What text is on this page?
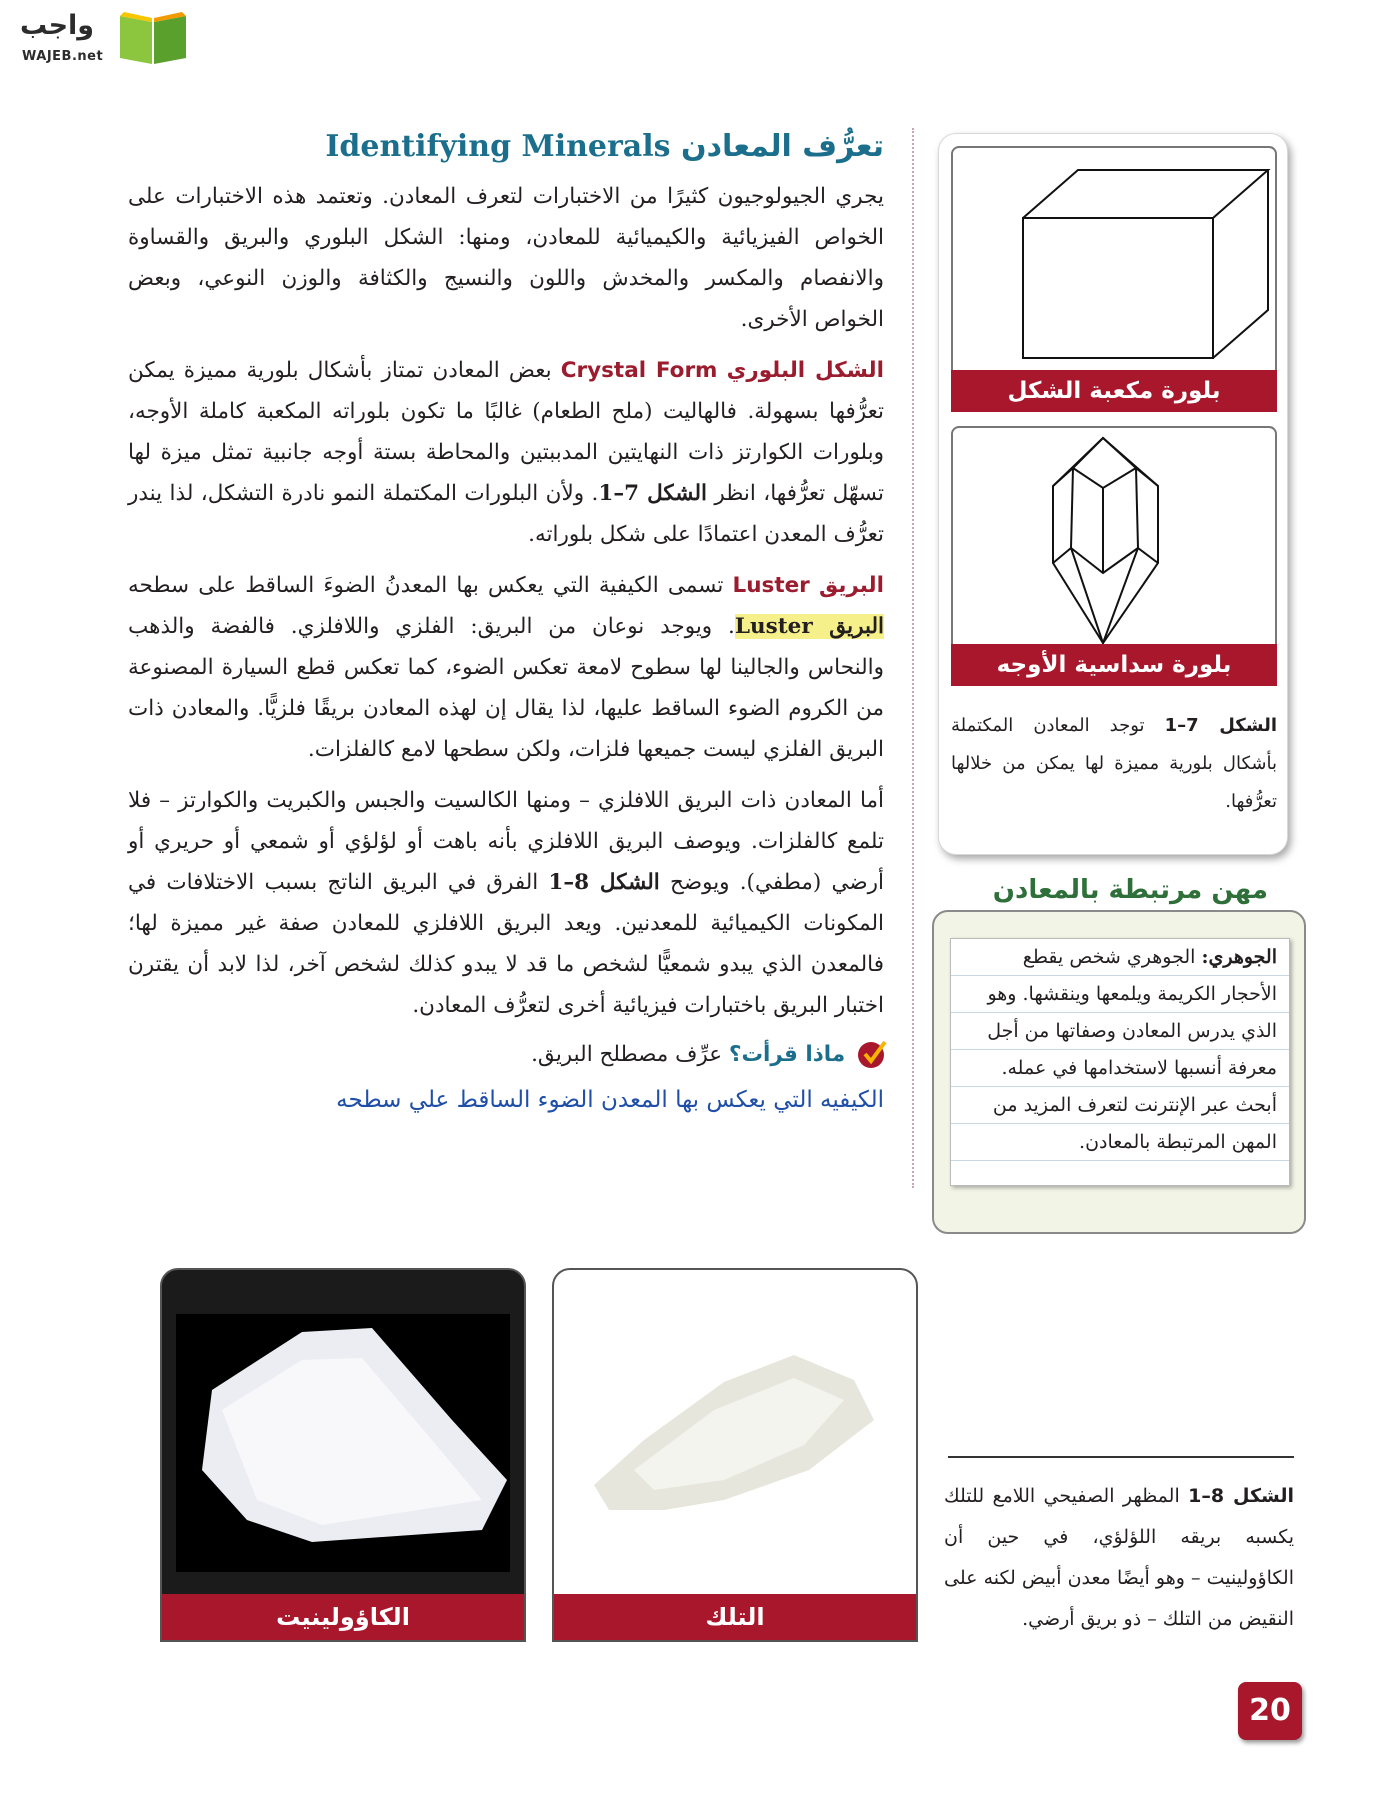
واجب
WAJEB.net
تعرُّف المعادن Identifying Minerals

يجري الجيولوجيون كثيرًا من الاختبارات لتعرف المعادن. وتعتمد هذه الاختبارات على الخواص الفيزيائية والكيميائية للمعادن، ومنها: الشكل البلوري والبريق والقساوة والانفصام والمكسر والمخدش واللون والنسيج والكثافة والوزن النوعي، وبعض الخواص الأخرى.

الشكل البلوري Crystal Form بعض المعادن تمتاز بأشكال بلورية مميزة يمكن تعرُّفها بسهولة. فالهاليت (ملح الطعام) غالبًا ما تكون بلوراته المكعبة كاملة الأوجه، وبلورات الكوارتز ذات النهايتين المدببتين والمحاطة بستة أوجه جانبية تمثل ميزة لها تسهّل تعرُّفها، انظر الشكل 7–1. ولأن البلورات المكتملة النمو نادرة التشكل، لذا يندر تعرُّف المعدن اعتمادًا على شكل بلوراته.

البريق Luster تسمى الكيفية التي يعكس بها المعدنُ الضوءَ الساقط على سطحه البريق Luster. ويوجد نوعان من البريق: الفلزي واللافلزي. فالفضة والذهب والنحاس والجالينا لها سطوح لامعة تعكس الضوء، كما تعكس قطع السيارة المصنوعة من الكروم الضوء الساقط عليها، لذا يقال إن لهذه المعادن بريقًا فلزيًّا. والمعادن ذات البريق الفلزي ليست جميعها فلزات، ولكن سطحها لامع كالفلزات.

أما المعادن ذات البريق اللافلزي – ومنها الكالسيت والجبس والكبريت والكوارتز – فلا تلمع كالفلزات. ويوصف البريق اللافلزي بأنه باهت أو لؤلؤي أو شمعي أو حريري أو أرضي (مطفي). ويوضح الشكل 8–1 الفرق في البريق الناتج بسبب الاختلافات في المكونات الكيميائية للمعدنين. ويعد البريق اللافلزي للمعادن صفة غير مميزة لها؛ فالمعدن الذي يبدو شمعيًّا لشخص ما قد لا يبدو كذلك لشخص آخر، لذا لابد أن يقترن اختبار البريق باختبارات فيزيائية أخرى لتعرُّف المعادن.

ماذا قرأت؟ عرِّف مصطلح البريق.
الكيفيه التي يعكس بها المعدن الضوء الساقط علي سطحه
بلورة مكعبة الشكل
بلورة سداسية الأوجه
الشكل 7–1 توجد المعادن المكتملة بأشكال بلورية مميزة لها يمكن من خلالها تعرُّفها.

الجوهري: الجوهري شخص يقطع الأحجار الكريمة ويلمعها وينقشها. وهو الذي يدرس المعادن وصفاتها من أجل معرفة أنسبها لاستخدامها في عمله.

أبحث عبر الإنترنت لتعرف المزيد من المهن المرتبطة بالمعادن.

مهن مرتبطة بالمعادن
الكاؤولينيت	التلك
الشكل 8–1 المظهر الصفيحي اللامع للتلك يكسبه بريقه اللؤلؤي، في حين أن الكاؤولينيت – وهو أيضًا معدن أبيض لكنه على النقيض من التلك – ذو بريق أرضي.
20
